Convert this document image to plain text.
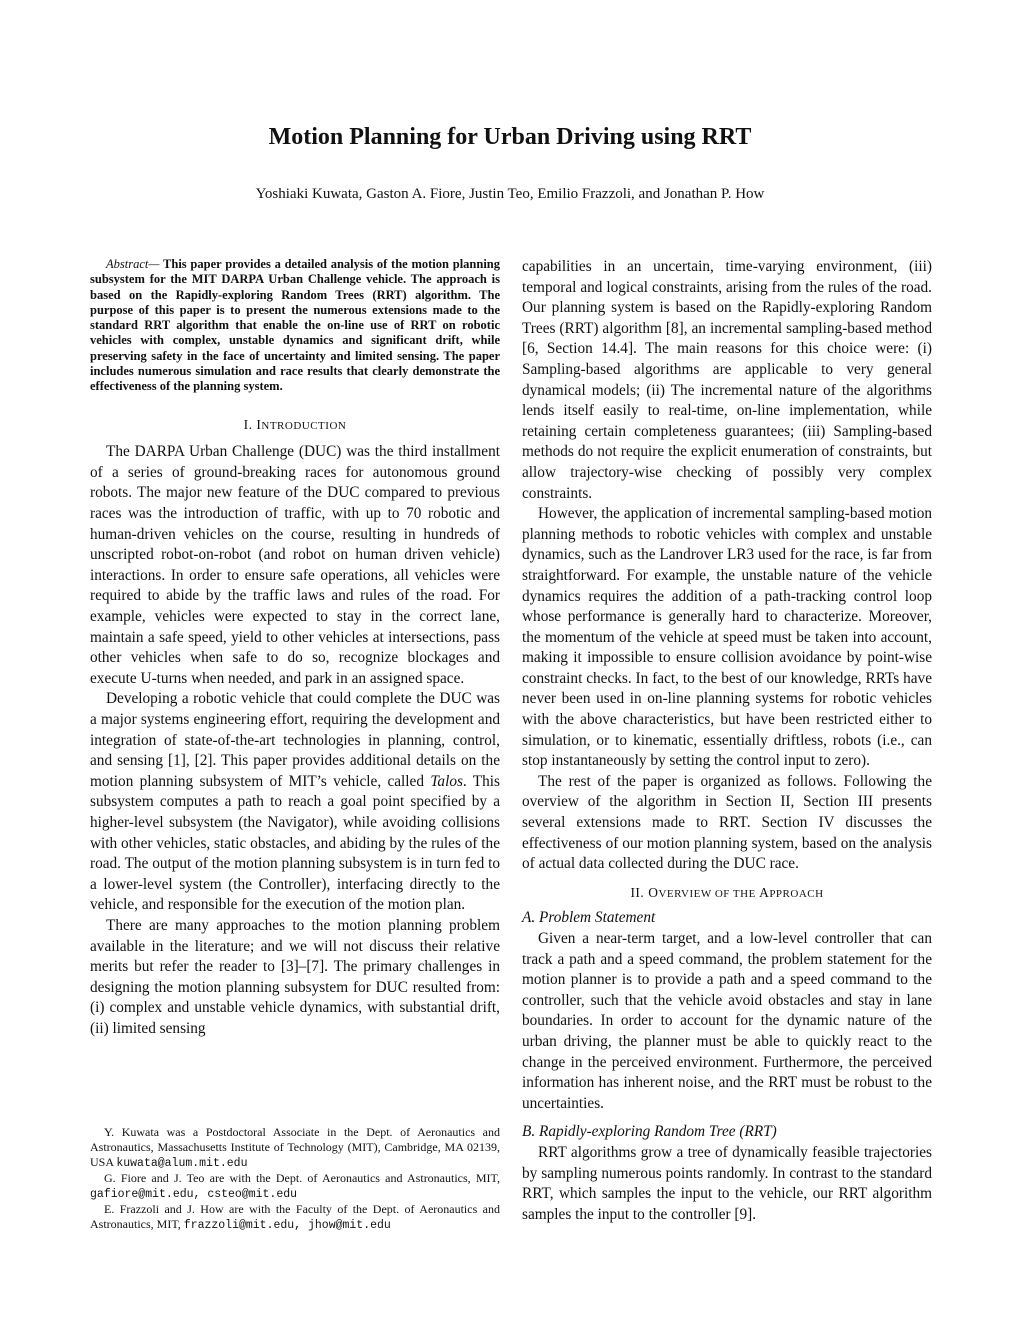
Motion Planning for Urban Driving using RRT
Yoshiaki Kuwata, Gaston A. Fiore, Justin Teo, Emilio Frazzoli, and Jonathan P. How

Abstract— This paper provides a detailed analysis of the motion planning subsystem for the MIT DARPA Urban Challenge vehicle. The approach is based on the Rapidly-exploring Random Trees (RRT) algorithm. The purpose of this paper is to present the numerous extensions made to the standard RRT algorithm that enable the on-line use of RRT on robotic vehicles with complex, unstable dynamics and significant drift, while preserving safety in the face of uncertainty and limited sensing. The paper includes numerous simulation and race results that clearly demonstrate the effectiveness of the planning system.

I. INTRODUCTION

The DARPA Urban Challenge (DUC) was the third installment of a series of ground-breaking races for autonomous ground robots. The major new feature of the DUC compared to previous races was the introduction of traffic, with up to 70 robotic and human-driven vehicles on the course, resulting in hundreds of unscripted robot-on-robot (and robot on human driven vehicle) interactions. In order to ensure safe operations, all vehicles were required to abide by the traffic laws and rules of the road. For example, vehicles were expected to stay in the correct lane, maintain a safe speed, yield to other vehicles at intersections, pass other vehicles when safe to do so, recognize blockages and execute U-turns when needed, and park in an assigned space.

Developing a robotic vehicle that could complete the DUC was a major systems engineering effort, requiring the development and integration of state-of-the-art technologies in planning, control, and sensing [1], [2]. This paper provides additional details on the motion planning subsystem of MIT’s vehicle, called Talos. This subsystem computes a path to reach a goal point specified by a higher-level subsystem (the Navigator), while avoiding collisions with other vehicles, static obstacles, and abiding by the rules of the road. The output of the motion planning subsystem is in turn fed to a lower-level system (the Controller), interfacing directly to the vehicle, and responsible for the execution of the motion plan.

There are many approaches to the motion planning problem available in the literature; and we will not discuss their relative merits but refer the reader to [3]–[7]. The primary challenges in designing the motion planning subsystem for DUC resulted from: (i) complex and unstable vehicle dynamics, with substantial drift, (ii) limited sensing

Y. Kuwata was a Postdoctoral Associate in the Dept. of Aeronautics and Astronautics, Massachusetts Institute of Technology (MIT), Cambridge, MA 02139, USA kuwata@alum.mit.edu

G. Fiore and J. Teo are with the Dept. of Aeronautics and Astronautics, MIT, gafiore@mit.edu, csteo@mit.edu

E. Frazzoli and J. How are with the Faculty of the Dept. of Aeronautics and Astronautics, MIT, frazzoli@mit.edu, jhow@mit.edu

capabilities in an uncertain, time-varying environment, (iii) temporal and logical constraints, arising from the rules of the road. Our planning system is based on the Rapidly-exploring Random Trees (RRT) algorithm [8], an incremental sampling-based method [6, Section 14.4]. The main reasons for this choice were: (i) Sampling-based algorithms are applicable to very general dynamical models; (ii) The incremental nature of the algorithms lends itself easily to real-time, on-line implementation, while retaining certain completeness guarantees; (iii) Sampling-based methods do not require the explicit enumeration of constraints, but allow trajectory-wise checking of possibly very complex constraints.

However, the application of incremental sampling-based motion planning methods to robotic vehicles with complex and unstable dynamics, such as the Landrover LR3 used for the race, is far from straightforward. For example, the unstable nature of the vehicle dynamics requires the addition of a path-tracking control loop whose performance is generally hard to characterize. Moreover, the momentum of the vehicle at speed must be taken into account, making it impossible to ensure collision avoidance by point-wise constraint checks. In fact, to the best of our knowledge, RRTs have never been used in on-line planning systems for robotic vehicles with the above characteristics, but have been restricted either to simulation, or to kinematic, essentially driftless, robots (i.e., can stop instantaneously by setting the control input to zero).

The rest of the paper is organized as follows. Following the overview of the algorithm in Section II, Section III presents several extensions made to RRT. Section IV discusses the effectiveness of our motion planning system, based on the analysis of actual data collected during the DUC race.

II. OVERVIEW OF THE APPROACH

A. Problem Statement

Given a near-term target, and a low-level controller that can track a path and a speed command, the problem statement for the motion planner is to provide a path and a speed command to the controller, such that the vehicle avoid obstacles and stay in lane boundaries. In order to account for the dynamic nature of the urban driving, the planner must be able to quickly react to the change in the perceived environment. Furthermore, the perceived information has inherent noise, and the RRT must be robust to the uncertainties.

B. Rapidly-exploring Random Tree (RRT)

RRT algorithms grow a tree of dynamically feasible trajectories by sampling numerous points randomly. In contrast to the standard RRT, which samples the input to the vehicle, our RRT algorithm samples the input to the controller [9].
